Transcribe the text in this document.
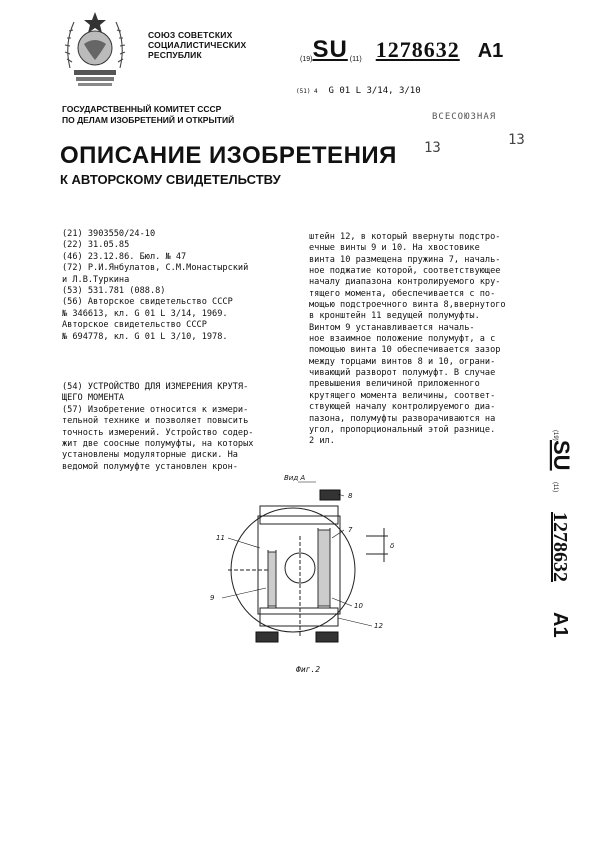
СОЮЗ СОВЕТСКИХ
СОЦИАЛИСТИЧЕСКИХ
РЕСПУБЛИК	$_{(19)}$SU $_{(11)}$ 1278632 A1
(51) 4 G 01 L 3/14, 3/10
ГОСУДАРСТВЕННЫЙ КОМИТЕТ СССР
ПО ДЕЛАМ ИЗОБРЕТЕНИЙ И ОТКРЫТИЙ	ВСЕСОЮЗНАЯ
13	13
ОПИСАНИЕ ИЗОБРЕТЕНИЯ
К АВТОРСКОМУ СВИДЕТЕЛЬСТВУ
(21) 3903550/24-10
(22) 31.05.85
(46) 23.12.86. Бюл. № 47
(72) Р.И.Янбулатов, С.М.Монастырский
и Л.В.Туркина
(53) 531.781 (088.8)
(56) Авторское свидетельство СССР
№ 346613, кл. G 01 L 3/14, 1969.
Авторское свидетельство СССР
№ 694778, кл. G 01 L 3/10, 1978.
(54) УСТРОЙСТВО ДЛЯ ИЗМЕРЕНИЯ КРУТЯ-
ЩЕГО МОМЕНТА
(57) Изобретение относится к измери-
тельной технике и позволяет повысить
точность измерений. Устройство содер-
жит две соосные полумуфты, на которых
установлены модуляторные диски. На
ведомой полумуфте установлен крон-
штейн 12, в который ввернуты подстро-
ечные винты 9 и 10. На хвостовике
винта 10 размещена пружина 7, началь-
ное поджатие которой, соответствующее
началу диапазона контролируемого кру-
тящего момента, обеспечивается с по-
мощью подстроечного винта 8,ввернутого
в кронштейн 11 ведущей полумуфты.
Винтом 9 устанавливается началь-
ное взаимное положение полумуфт, а с
помощью винта 10 обеспечивается зазор
между торцами винтов 8 и 10, ограни-
чивающий разворот полумуфт. В случае
превышения величиной приложенного
крутящего момента величины, соответ-
ствующей началу контролируемого диа-
пазона, полумуфты разворачиваются на
угол, пропорциональный этой разнице.
2 ил.
(19)
SU
(11)
1278632
A1
Вид А
8
7
11
9
10
12
δ
Фиг.2
